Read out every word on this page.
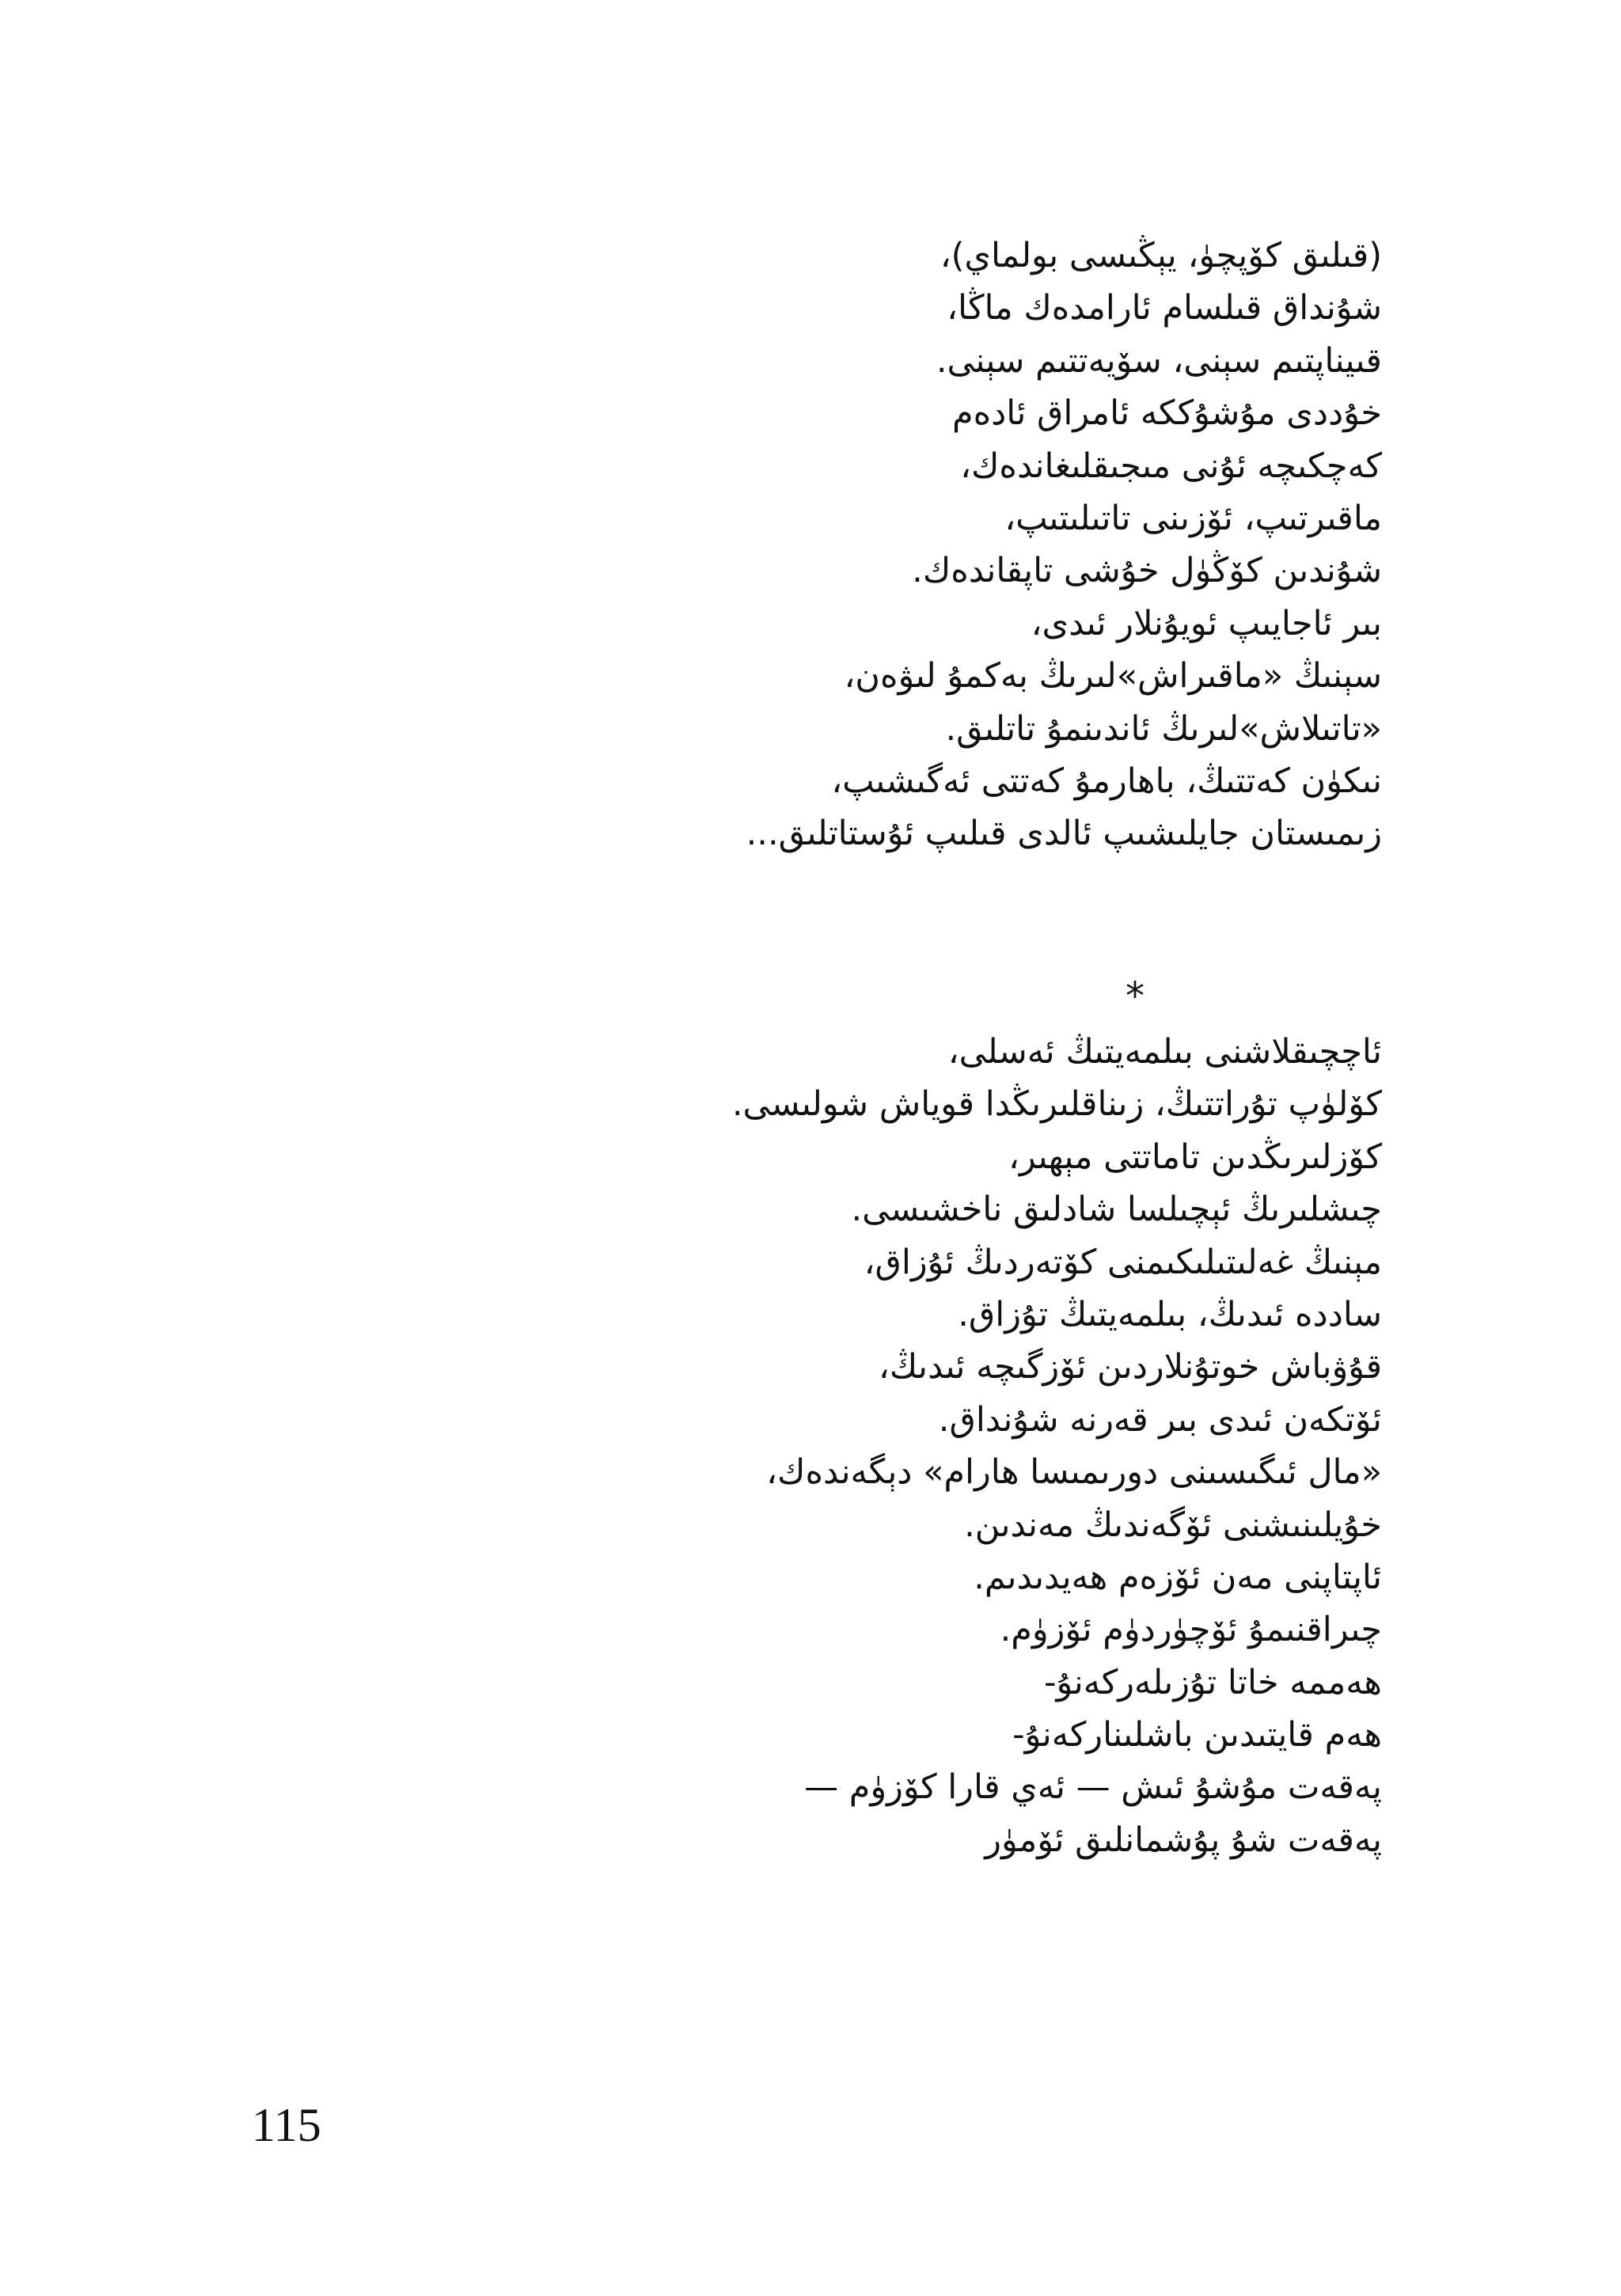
(قىلىق كۆپچۈ، يېڭىسى بولماي)،
شۇنداق قىلسام ئارامدەك ماڭا،
قىيناپتىم سېنى، سۆيەتتىم سېنى.
خۇددى مۇشۇككە ئامراق ئادەم
كەچكىچە ئۇنى مىجىقلىغاندەك،
ماقىرتىپ، ئۆزىنى تاتىلىتىپ،
شۇندىن كۆڭۈل خۇشى تاپقاندەك.
بىر ئاجايىپ ئويۇنلار ئىدى،
سېنىڭ «ماقىراش»لىرىڭ بەكمۇ لىۋەن،
«تاتىلاش»لىرىڭ ئاندىنمۇ تاتلىق.
نىكۈن كەتتىڭ، باھارمۇ كەتتى ئەگىشىپ،
زىمىستان جايلىشىپ ئالدى قىلىپ ئۇستاتلىق...
*
ئاچچىقلاشنى بىلمەيتىڭ ئەسلى،
كۆلۈپ تۇراتتىڭ، زىناقلىرىڭدا قوياش شولىسى.
كۆزلىرىڭدىن تاماتتى مېھىر،
چىشلىرىڭ ئېچىلسا شادلىق ناخشىسى.
مېنىڭ غەلىتىلىكىمنى كۆتەردىڭ ئۇزاق،
ساددە ئىدىڭ، بىلمەيتىڭ تۇزاق.
قۇۋباش خوتۇنلاردىن ئۆزگىچە ئىدىڭ،
ئۆتكەن ئىدى بىر قەرنە شۇنداق.
«مال ئىگىسىنى دورىمىسا ھارام» دېگەندەك،
خۇيلىنىشنى ئۆگەندىڭ مەندىن.
ئاپتاپنى مەن ئۆزەم ھەيدىدىم.
چىراقنىمۇ ئۆچۈردۈم ئۆزۈم.
ھەممە خاتا تۇزىلەركەنۇ-
ھەم قايتىدىن باشلىناركەنۇ-
پەقەت مۇشۇ ئىش — ئەي قارا كۆزۈم —
پەقەت شۇ پۇشمانلىق ئۆمۈر
115
